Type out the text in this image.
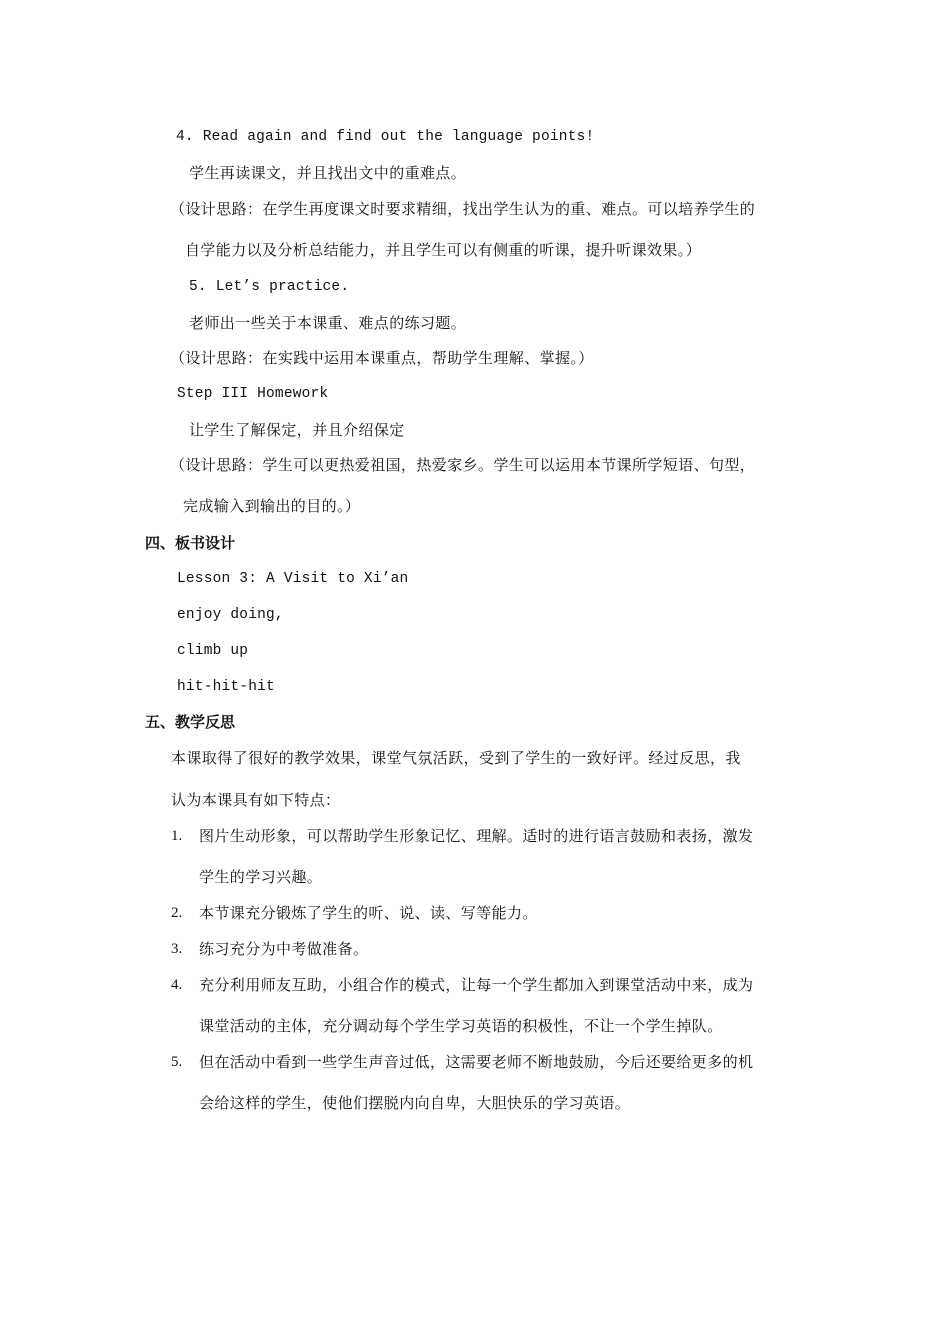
4. Read again and find out the language points!
学生再读课文，并且找出文中的重难点。
（设计思路：在学生再度课文时要求精细，找出学生认为的重、难点。可以培养学生的
自学能力以及分析总结能力，并且学生可以有侧重的听课，提升听课效果。）
5. Let’s practice.
老师出一些关于本课重、难点的练习题。
（设计思路：在实践中运用本课重点，帮助学生理解、掌握。）
Step III Homework
让学生了解保定，并且介绍保定
（设计思路：学生可以更热爱祖国，热爱家乡。学生可以运用本节课所学短语、句型，
完成输入到输出的目的。）
四、板书设计
Lesson 3: A Visit to Xi’an
enjoy doing,
climb up
hit-hit-hit
五、教学反思
本课取得了很好的教学效果，课堂气氛活跃，受到了学生的一致好评。经过反思，我
认为本课具有如下特点：
1. 图片生动形象，可以帮助学生形象记忆、理解。适时的进行语言鼓励和表扬，激发
学生的学习兴趣。
2. 本节课充分锻炼了学生的听、说、读、写等能力。
3. 练习充分为中考做准备。
4. 充分利用师友互助，小组合作的模式，让每一个学生都加入到课堂活动中来，成为
课堂活动的主体，充分调动每个学生学习英语的积极性，不让一个学生掉队。
5. 但在活动中看到一些学生声音过低，这需要老师不断地鼓励，今后还要给更多的机
会给这样的学生，使他们摆脱内向自卑，大胆快乐的学习英语。
